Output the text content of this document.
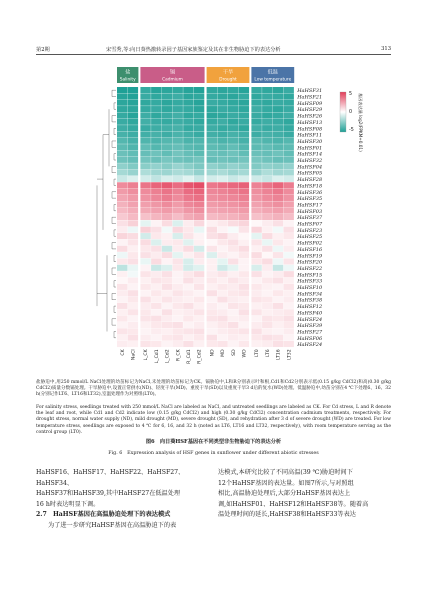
第2期	宋雪秀,等:向日葵热激转录因子基因家族鉴定及其在非生物胁迫下的表达分析	313
盐
Salinity
镉
Cadmium
干旱
Drought
低温
Low temperature
HaHSF31
HaHSF21
HaHSF09
HaHSF29
HaHSF26
HaHSF13
HaHSF08
HaHSF11
HaHSF30
HaHSF01
HaHSF14
HaHSF32
HaHSF04
HaHSF05
HaHSF28
HaHSF18
HaHSF36
HaHSF35
HaHSF17
HaHSF03
HaHSF37
HaHSF07
HaHSF23
HaHSF25
HaHSF02
HaHSF16
HaHSF19
HaHSF20
HaHSF22
HaHSF15
HaHSF33
HaHSF10
HaHSF34
HaHSF38
HaHSF12
HaHSF40
HaHSF24
HaHSF39
HaHSF27
HaHSF06
HaHSF24
CK NaCl L_CK L_Cd1 L_Cd2 R_CK R_Cd1 R_Cd2 ND MD SD WD LT0 LT6 LT16 LT32
5
0
-5 基因表达量 log2(FPKM+0.01)
盐胁迫中,用250 mmol/L NaCl处理的幼苗标记为NaCl,未处理的幼苗标记为CK。镉胁迫中,L和R分别表示叶和根,Cd1和Cd2分别表示低(0.15 g/kg CdCl2)和高(0.30 g/kg CdCl2)质量分数镉处理。干旱胁迫中,设置正常供水(ND)、轻度干旱(MD)、重度干旱(SD)以及重度干旱3 d后的复水(WD)处理。低温胁迫中,幼苗分别在4 ℃下处理6、16、32 h(分别记作LT6、LT16和LT32),室温处理作为对照组(LT0)。
For salinity stress, seedlings treated with 250 mmol/L NaCl are labeled as NaCl, and untreated seedlings are labeled as CK. For Cd stress, L and R denote the leaf and root, while Cd1 and Cd2 indicate low (0.15 g/kg CdCl2) and high (0.30 g/kg CdCl2) concentration cadmium treatments, respectively. For drought stress, normal water supply (ND), mild drought (MD), severe drought (SD), and rehydration after 3 d of severe drought (WD) are treated. For low temperature stress, seedlings are exposed to 4 ℃ for 6, 16, and 32 h (noted as LT6, LT16 and LT32, respectively), with room temperature serving as the control group (LT0).
图6　向日葵HSF基因在不同类型非生物胁迫下的表达分析
Fig. 6　Expression analysis of HSF genes in sunflower under different abiotic stresses
HaHSF16、HaHSF17、HaHSF22、HaHSF27、HaHSF34、
HaHSF37和HaHSF39,其中HaHSF27在低温处理
16 h时表达明显下调。
2.7　HaHSF基因在高温胁迫处理下的表达模式
为了进一步研究HaHSF基因在高温胁迫下的表
达模式,本研究比较了不同高温(39 ℃)胁迫时间下
12个HaHSF基因的表达量。如图7所示,与对照组
相比,高温胁迫处理后,大部分HaHSF基因表达上
调,如HaHSF01、HaHSF12和HaHSF38等。随着高
温处理时间的延长,HaHSF38和HaHSF33等表达
